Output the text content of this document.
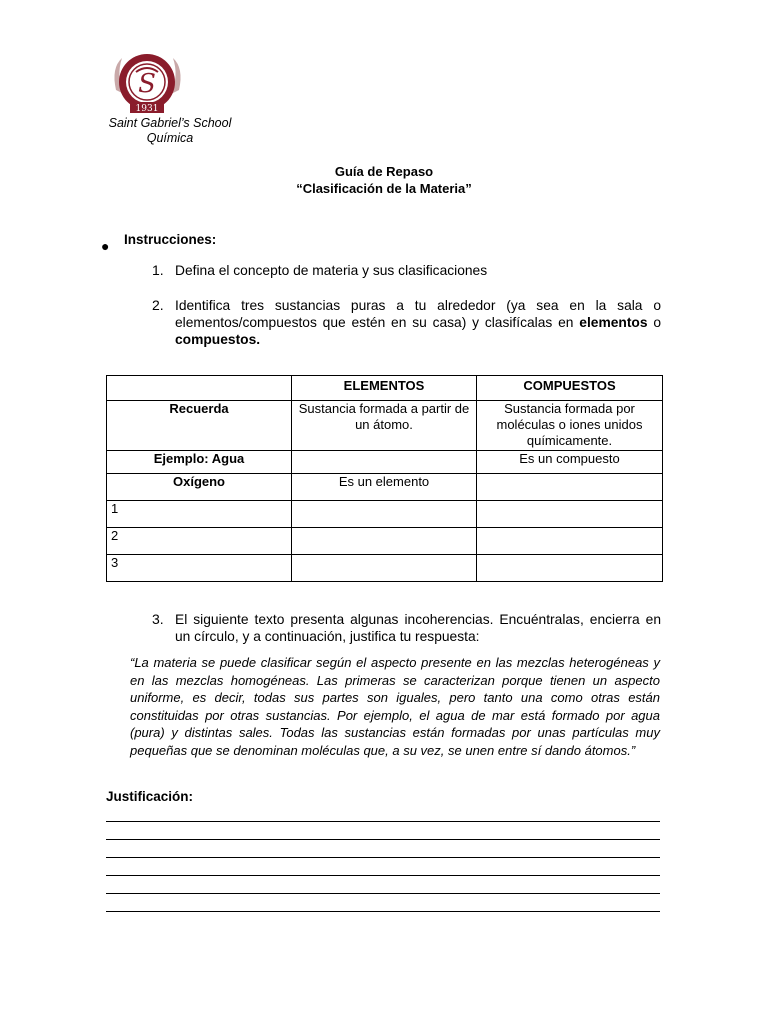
S
1931
Saint Gabriel’s School
Química
Guía de Repaso
“Clasificación de la Materia”
● Instrucciones:
1. Defina el concepto de materia y sus clasificaciones
2. Identifica tres sustancias puras a tu alrededor (ya sea en la sala o elementos/compuestos que estén en su casa) y clasifícalas en elementos o compuestos.
	ELEMENTOS	COMPUESTOS
Recuerda	Sustancia formada a partir de un átomo.	Sustancia formada por moléculas o iones unidos químicamente.
Ejemplo: Agua		Es un compuesto
Oxígeno	Es un elemento	
1		
2		
3		
3. El siguiente texto presenta algunas incoherencias. Encuéntralas, encierra en un círculo, y a continuación, justifica tu respuesta:
“La materia se puede clasificar según el aspecto presente en las mezclas heterogéneas y en las mezclas homogéneas. Las primeras se caracterizan porque tienen un aspecto uniforme, es decir, todas sus partes son iguales, pero tanto una como otras están constituidas por otras sustancias. Por ejemplo, el agua de mar está formado por agua (pura) y distintas sales. Todas las sustancias están formadas por unas partículas muy pequeñas que se denominan moléculas que, a su vez, se unen entre sí dando átomos.”
Justificación:
